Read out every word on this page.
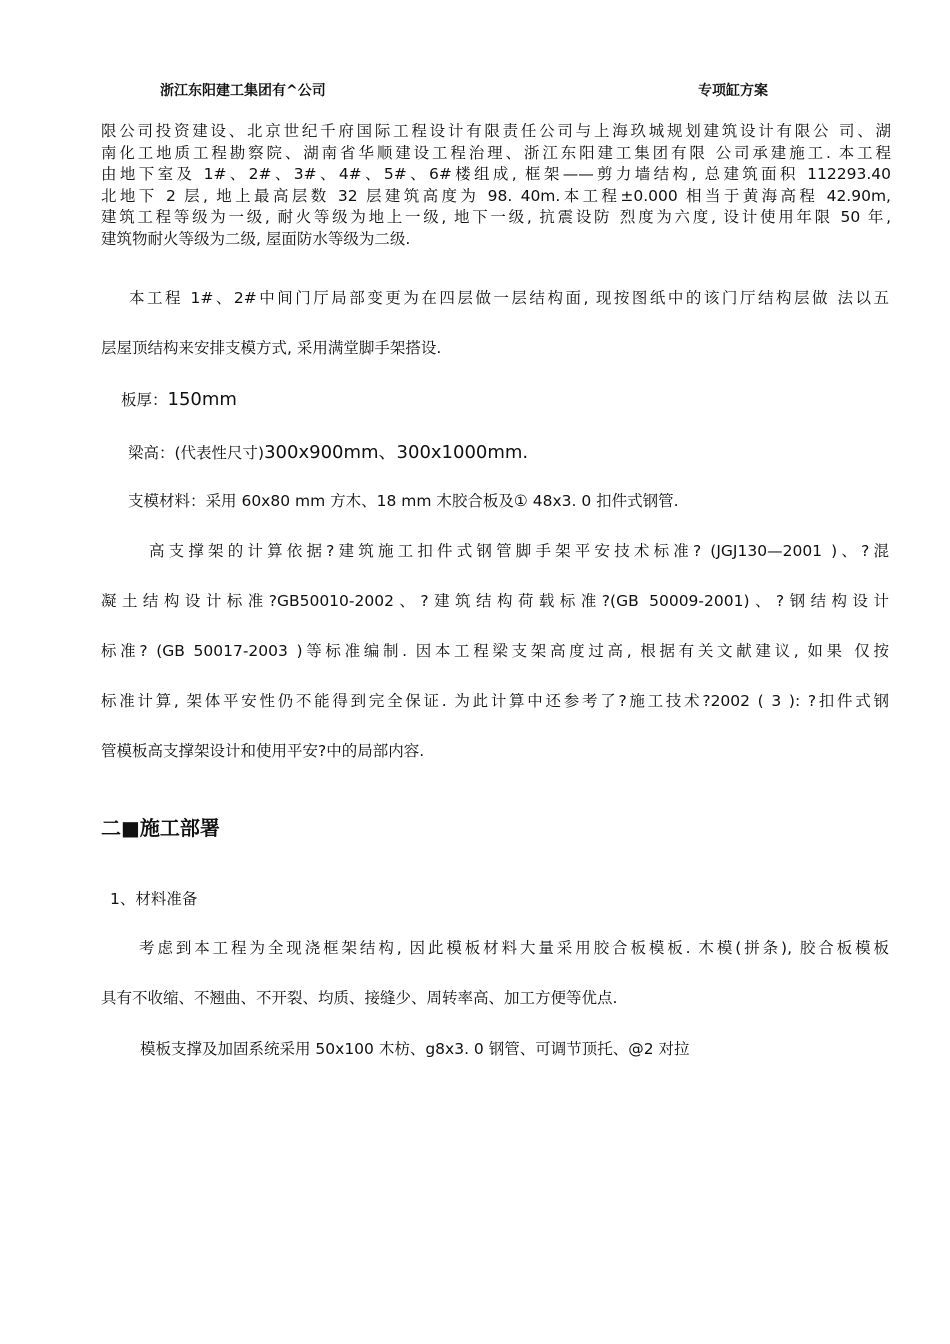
浙江东阳建工集团有^公司	专项缸方案
限公司投资建设、北京世纪千府国际工程设计有限责任公司与上海玖城规划建筑设计有限公 司、湖
南化工地质工程勘察院、湖南省华顺建设工程治理、浙江东阳建工集团有限 公司承建施工. 本工程
由地下室及 1#、2#、3#、4#、5#、6#楼组成, 框架——剪力墙结构, 总建筑面积 112293.40
北地下 2 层, 地上最高层数 32 层建筑高度为 98. 40m.本工程±0.000 相当于黄海高程 42.90m,
建筑工程等级为一级, 耐火等级为地上一级, 地下一级, 抗震设防 烈度为六度, 设计使用年限 50 年,
建筑物耐火等级为二级, 屋面防水等级为二级.
本工程 1#、2#中间门厅局部变更为在四层做一层结构面, 现按图纸中的该门厅结构层做 法以五
层屋顶结构来安排支模方式, 采用满堂脚手架搭设.
板厚：150mm
梁高：(代表性尺寸)300x900mm、300x1000mm.
支模材料：采用 60x80 mm 方木、18 mm 木胶合板及① 48x3. 0 扣件式钢管.
高支撑架的计算依据?建筑施工扣件式钢管脚手架平安技术标准? (JGJ130—2001 )、?混
凝土结构设计标准?GB50010-2002、?建筑结构荷载标准?(GB 50009-2001)、?钢结构设计
标准? (GB 50017-2003 )等标准编制. 因本工程梁支架高度过高, 根据有关文献建议, 如果 仅按
标准计算, 架体平安性仍不能得到完全保证. 为此计算中还参考了?施工技术?2002 ( 3 ): ?扣件式钢
管模板高支撑架设计和使用平安?中的局部内容.
二■施工部署
1、材料准备
考虑到本工程为全现浇框架结构, 因此模板材料大量采用胶合板模板. 木模(拼条), 胶合板模板
具有不收缩、不翘曲、不开裂、均质、接缝少、周转率高、加工方便等优点.
模板支撑及加固系统采用 50x100 木枋、g8x3. 0 钢管、可调节顶托、@2 对拉
